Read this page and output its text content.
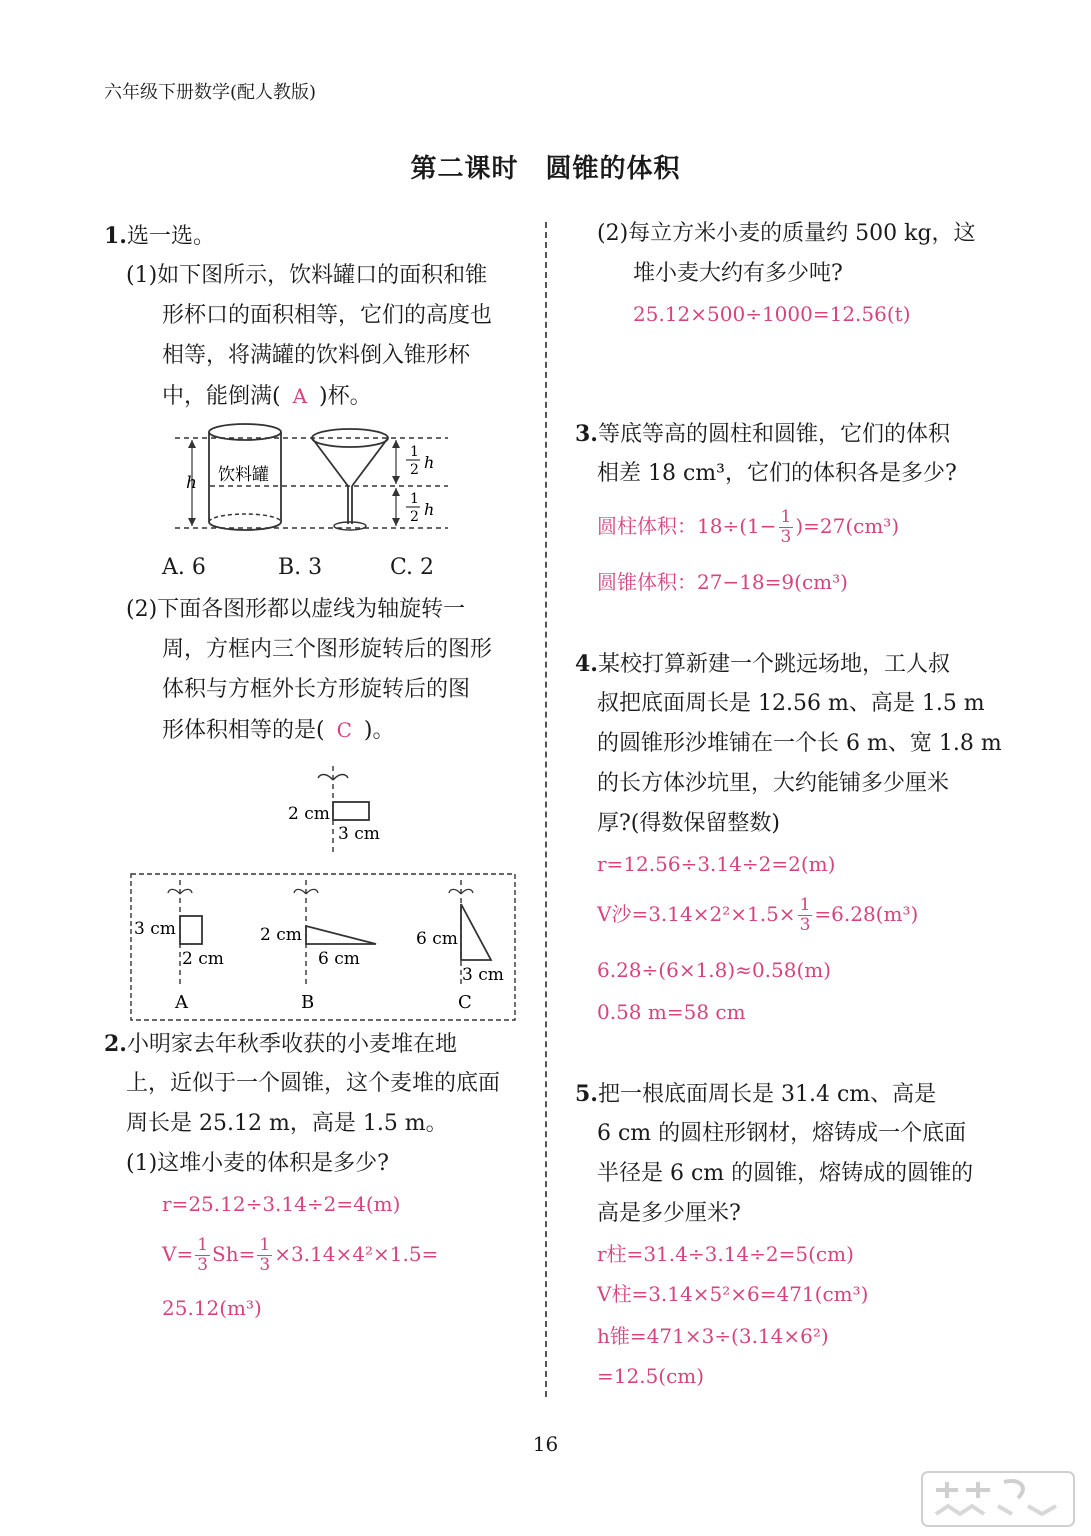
六年级下册数学(配人教版)
第二课时　圆锥的体积
1.选一选。
(1)如下图所示，饮料罐口的面积和锥
形杯口的面积相等，它们的高度也
相等，将满罐的饮料倒入锥形杯
中，能倒满( A )杯。
h 饮料罐
1
2 h
1
2 h
A. 6	B. 3	C. 2
(2)下面各图形都以虚线为轴旋转一
周，方框内三个图形旋转后的图形
体积与方框外长方形旋转后的图
形体积相等的是( C )。
2 cm
3 cm
3 cm
2 cm
A
2 cm
6 cm
B
6 cm
3 cm
C
2.小明家去年秋季收获的小麦堆在地
上，近似于一个圆锥，这个麦堆的底面
周长是 25.12 m，高是 1.5 m。
(1)这堆小麦的体积是多少?
r=25.12÷3.14÷2=4(m)
$V= \frac{1}{3} Sh= \frac{1}{3} \times 3.14\times 4^2\times 1.5=$
25.12(m³)
(2)每立方米小麦的质量约 500 kg，这
堆小麦大约有多少吨?
25.12×500÷1000=12.56(t)
3.等底等高的圆柱和圆锥，它们的体积
相差 18 cm³，它们的体积各是多少?
圆柱体积：$18\div(1- \frac{1}{3} )=27(cm^3)$
圆锥体积：27−18=9(cm³)
4.某校打算新建一个跳远场地，工人叔
叔把底面周长是 12.56 m、高是 1.5 m
的圆锥形沙堆铺在一个长 6 m、宽 1.8 m
的长方体沙坑里，大约能铺多少厘米
厚?(得数保留整数)
r=12.56÷3.14÷2=2(m)
V沙$=3.14\times 2^2\times 1.5\times \frac{1}{3} =6.28(m^3)$
6.28÷(6×1.8)≈0.58(m)
0.58 m=58 cm
5.把一根底面周长是 31.4 cm、高是
6 cm 的圆柱形钢材，熔铸成一个底面
半径是 6 cm 的圆锥，熔铸成的圆锥的
高是多少厘米?
r柱=31.4÷3.14÷2=5(cm)
V柱=3.14×5²×6=471(cm³)
h锥=471×3÷(3.14×6²)
=12.5(cm)
16
